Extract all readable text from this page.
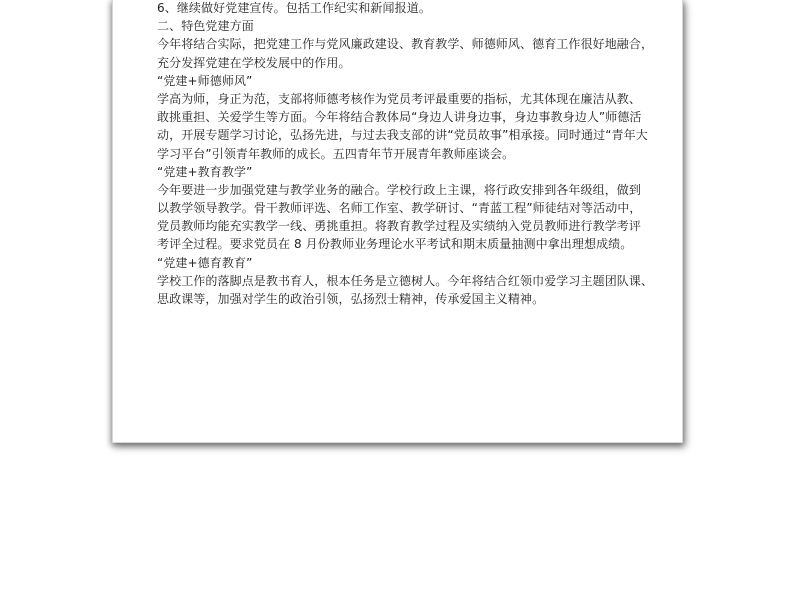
6、继续做好党建宣传。包括工作纪实和新闻报道。
二、特色党建方面
今年将结合实际，把党建工作与党风廉政建设、教育教学、师德师风、德育工作很好地融合，
充分发挥党建在学校发展中的作用。
“党建+师德师风”
学高为师，身正为范，支部将师德考核作为党员考评最重要的指标，尤其体现在廉洁从教、
敢挑重担、关爱学生等方面。今年将结合教体局“身边人讲身边事，身边事教身边人”师德活
动，开展专题学习讨论，弘扬先进，与过去我支部的讲“党员故事”相承接。同时通过“青年大
学习平台”引领青年教师的成长。五四青年节开展青年教师座谈会。
“党建+教育教学”
今年要进一步加强党建与教学业务的融合。学校行政上主课，将行政安排到各年级组，做到
以教学领导教学。骨干教师评选、名师工作室、教学研讨、“青蓝工程”师徒结对等活动中，
党员教师均能充实教学一线、勇挑重担。将教育教学过程及实绩纳入党员教师进行教学考评
考评全过程。要求党员在 8 月份教师业务理论水平考试和期末质量抽测中拿出理想成绩。
“党建+德育教育”
学校工作的落脚点是教书育人，根本任务是立德树人。今年将结合红领巾爱学习主题团队课、
思政课等，加强对学生的政治引领，弘扬烈士精神，传承爱国主义精神。
